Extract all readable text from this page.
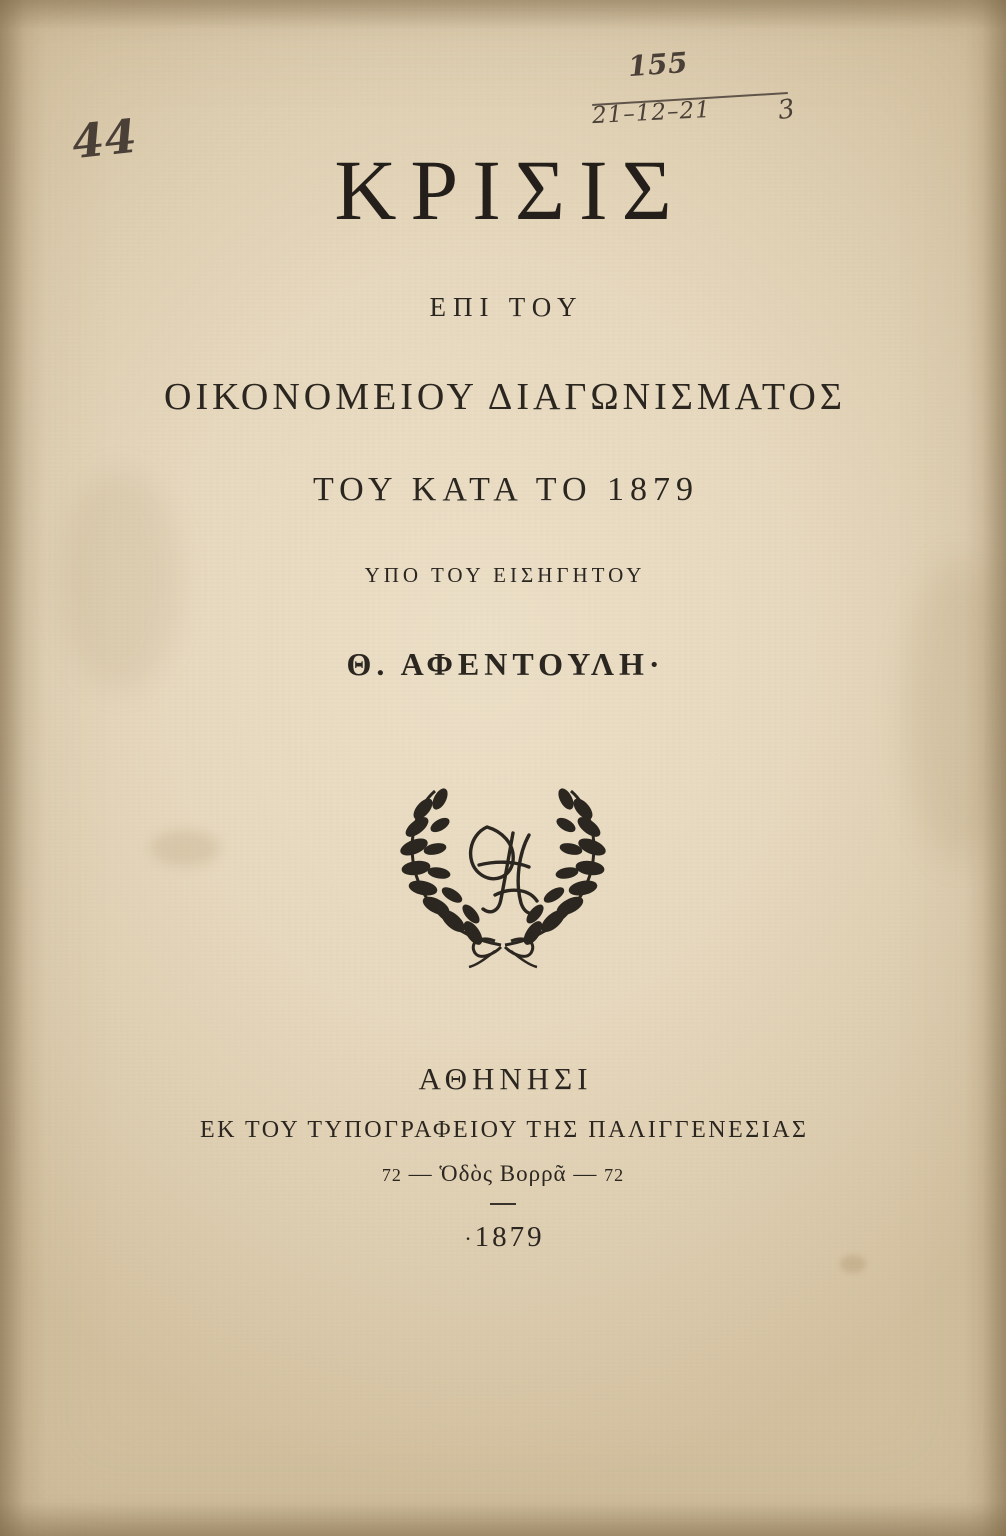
44
155
21–12–21 3
ΚΡΙΣΙΣ
ΕΠΙ ΤΟΥ
ΟΙΚΟΝΟΜΕΙΟΥ ΔΙΑΓΩΝΙΣΜΑΤΟΣ
ΤΟΥ ΚΑΤΑ ΤΟ 1879
ΥΠΟ ΤΟΥ ΕΙΣΗΓΗΤΟΥ
Θ. ΑΦΕΝΤΟΥΛΗ·
ΑΘΗΝΗΣΙ
ΕΚ ΤΟΥ ΤΥΠΟΓΡΑΦΕΙΟΥ ΤΗΣ ΠΑΛΙΓΓΕΝΕΣΙΑΣ
72 — Ὁδὸς Βορρᾶ — 72
·1879
